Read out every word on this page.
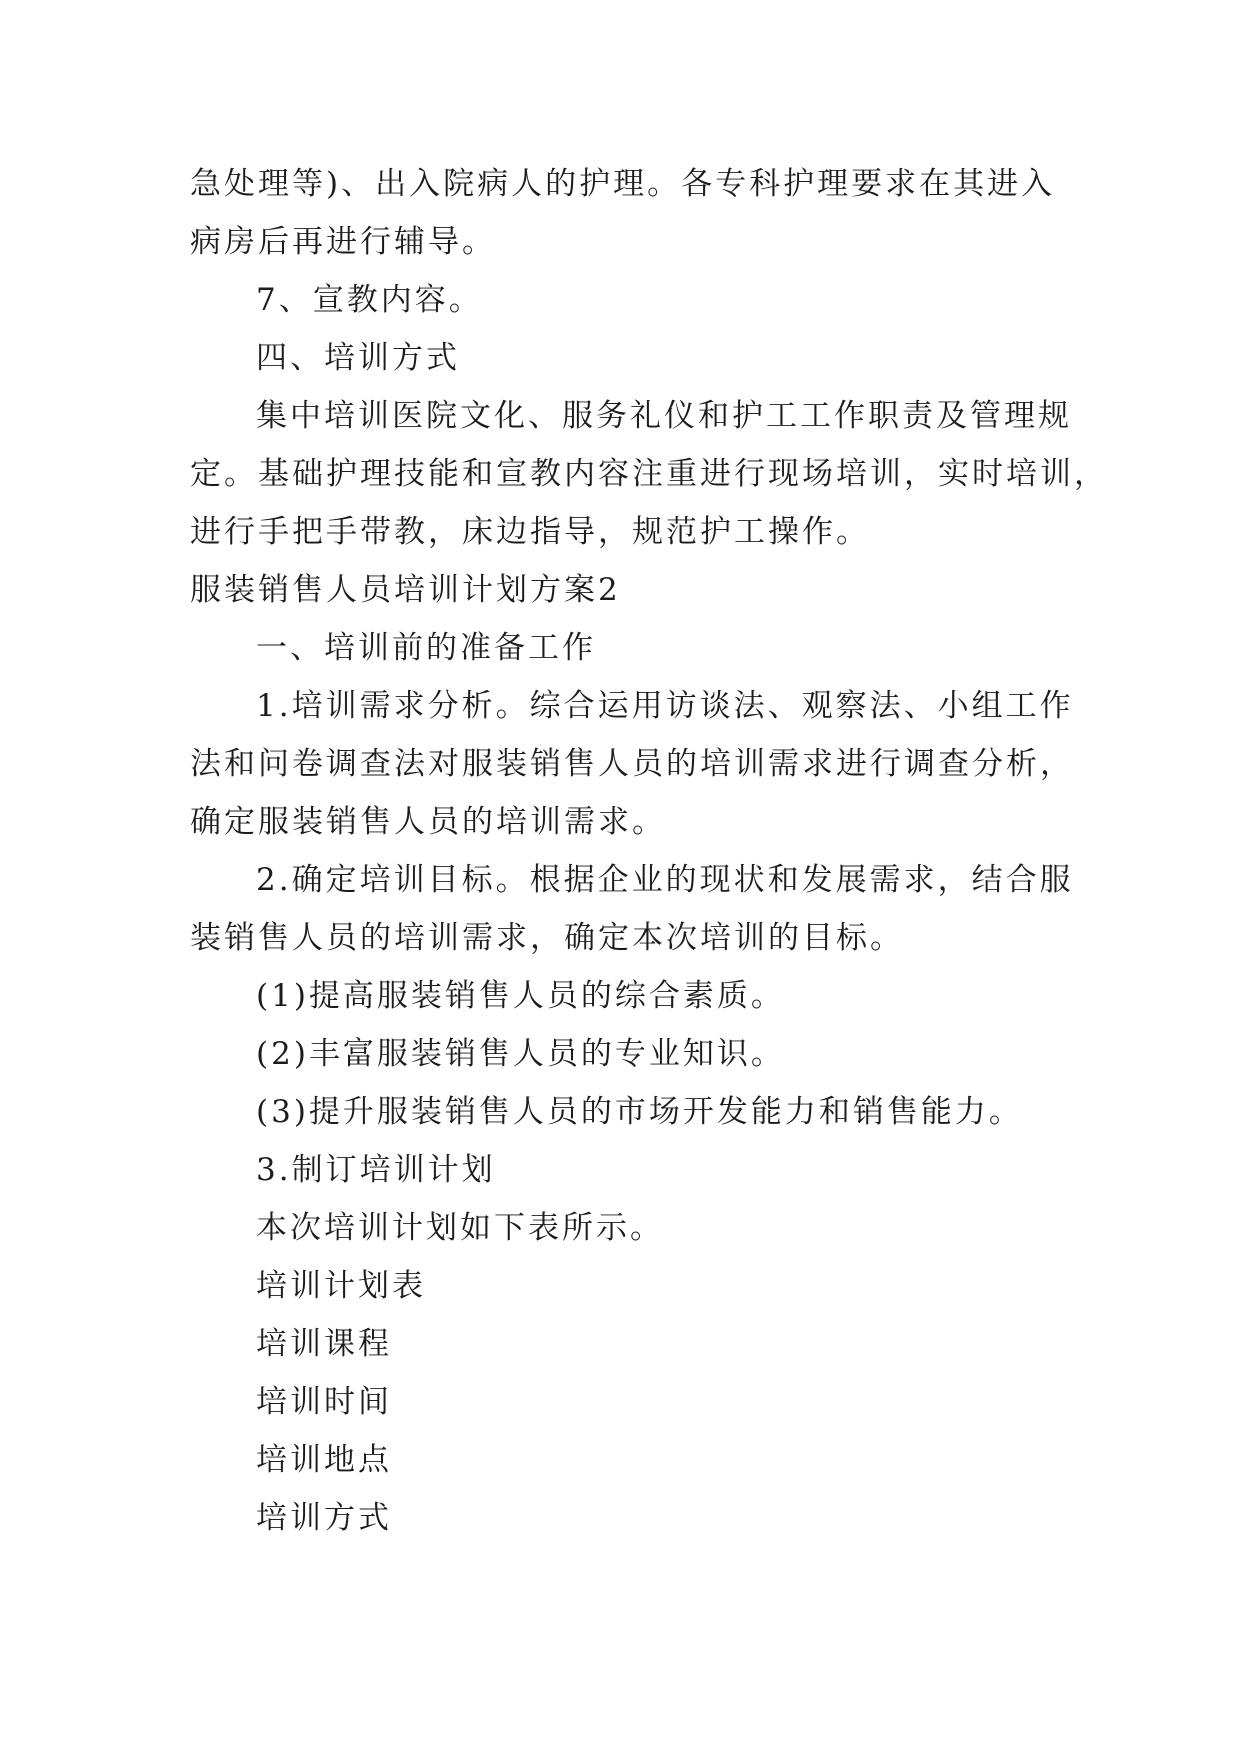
急处理等)、出入院病人的护理。各专科护理要求在其进入
病房后再进行辅导。
7、宣教内容。
四、培训方式
集中培训医院文化、服务礼仪和护工工作职责及管理规
定。基础护理技能和宣教内容注重进行现场培训，实时培训，
进行手把手带教，床边指导，规范护工操作。
服装销售人员培训计划方案2
一、培训前的准备工作
1.培训需求分析。综合运用访谈法、观察法、小组工作
法和问卷调查法对服装销售人员的培训需求进行调查分析，
确定服装销售人员的培训需求。
2.确定培训目标。根据企业的现状和发展需求，结合服
装销售人员的培训需求，确定本次培训的目标。
(1)提高服装销售人员的综合素质。
(2)丰富服装销售人员的专业知识。
(3)提升服装销售人员的市场开发能力和销售能力。
3.制订培训计划
本次培训计划如下表所示。
培训计划表
培训课程
培训时间
培训地点
培训方式
